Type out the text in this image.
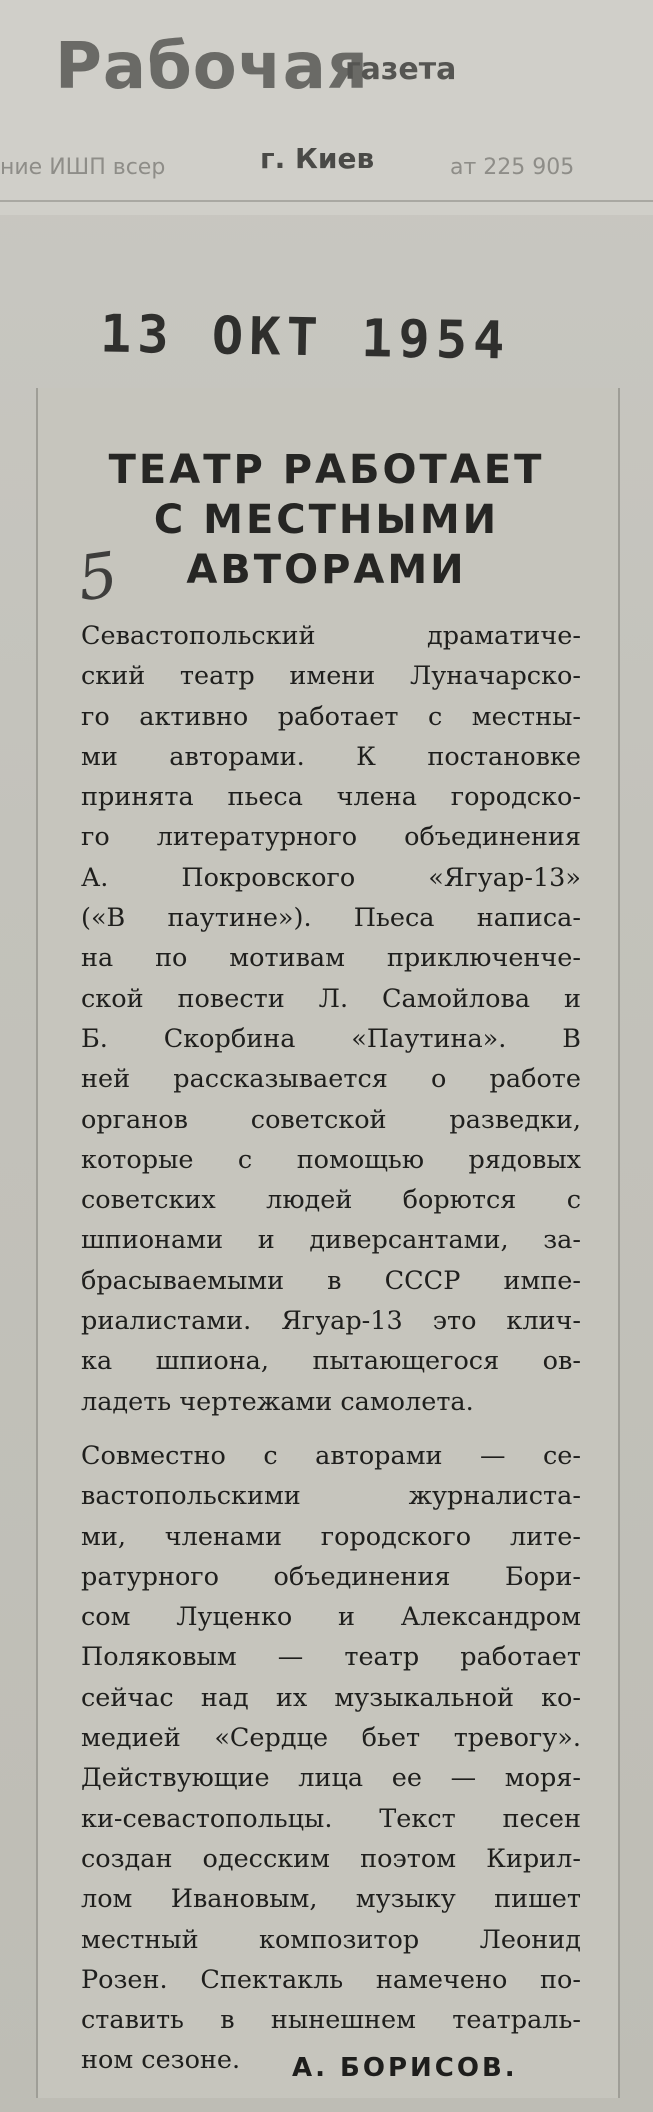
Рабочая
газета
г. Киев
ние ИШП всер	ат 225 905
13 ОКТ 1954
ТЕАТР РАБОТАЕТ
С МЕСТНЫМИ
АВТОРАМИ
5
Севастопольский драматиче-
ский театр имени Луначарско-
го активно работает с местны-
ми авторами. К постановке
принята пьеса члена городско-
го литературного объединения
А. Покровского «Ягуар-13»
(«В паутине»). Пьеса написа-
на по мотивам приключенче-
ской повести Л. Самойлова и
Б. Скорбина «Паутина». В
ней рассказывается о работе
органов советской разведки,
которые с помощью рядовых
советских людей борются с
шпионами и диверсантами, за-
брасываемыми в СССР импе-
риалистами. Ягуар-13 это клич-
ка шпиона, пытающегося ов-
ладеть чертежами самолета.
Совместно с авторами — се-
вастопольскими журналиста-
ми, членами городского лите-
ратурного объединения Бори-
сом Луценко и Александром
Поляковым — театр работает
сейчас над их музыкальной ко-
медией «Сердце бьет тревогу».
Действующие лица ее — моря-
ки-севастопольцы. Текст песен
создан одесским поэтом Кирил-
лом Ивановым, музыку пишет
местный композитор Леонид
Розен. Спектакль намечено по-
ставить в нынешнем театраль-
ном сезоне.	А. БОРИСОВ.
